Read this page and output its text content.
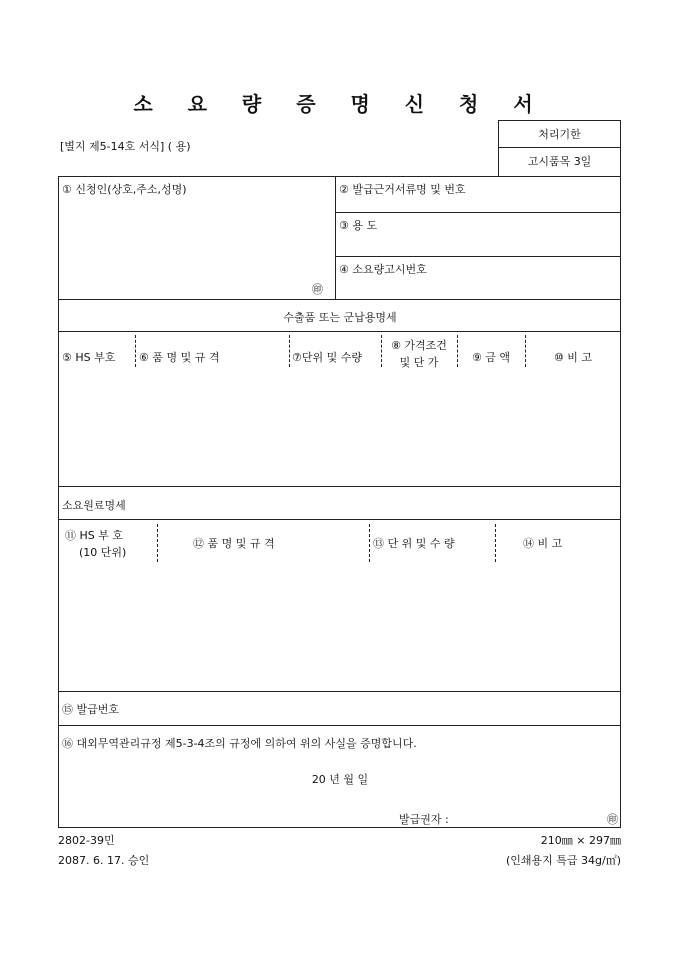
소 요 량 증 명 신 청 서
[별지 제5-14호 서식] ( 용)
처리기한
고시품목 3일
① 신청인(상호,주소,성명)
㊞
② 발급근거서류명 및 번호
③ 용 도
④ 소요량고시번호
수출품 또는 군납용명세
⑤ HS 부호 ⑥ 품 명 및 규 격	⑦단위 및 수량
⑧ 가격조건
및 단 가	⑨ 금 액	⑩ 비 고
소요원료명세
⑪ HS 부 호
(10 단위)
⑫ 품 명 및 규 격	⑬ 단 위 및 수 량	⑭ 비 고
⑮ 발급번호
⑯ 대외무역관리규정 제5-3-4조의 규정에 의하여 위의 사실을 증명합니다.
20 년 월 일
발급권자 :	㊞
2802-39민
2087. 6. 17. 승인
210㎜ × 297㎜
(인쇄용지 특급 34g/㎡)
